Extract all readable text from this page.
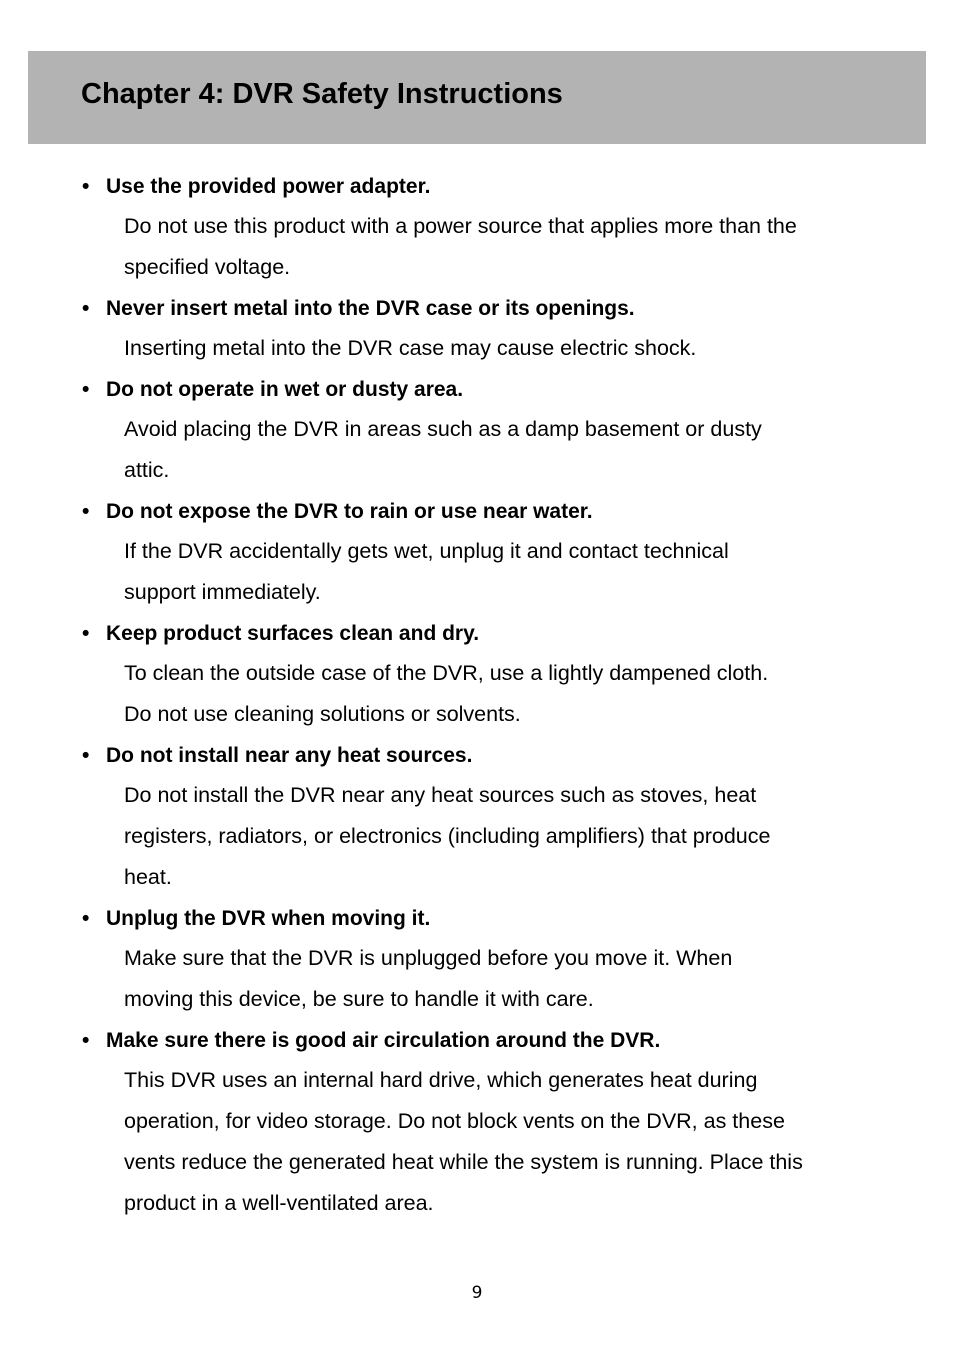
Chapter 4: DVR Safety Instructions
• Use the provided power adapter.
Do not use this product with a power source that applies more than the
specified voltage.
• Never insert metal into the DVR case or its openings.
Inserting metal into the DVR case may cause electric shock.
• Do not operate in wet or dusty area.
Avoid placing the DVR in areas such as a damp basement or dusty
attic.
• Do not expose the DVR to rain or use near water.
If the DVR accidentally gets wet, unplug it and contact technical
support immediately.
• Keep product surfaces clean and dry.
To clean the outside case of the DVR, use a lightly dampened cloth.
Do not use cleaning solutions or solvents.
• Do not install near any heat sources.
Do not install the DVR near any heat sources such as stoves, heat
registers, radiators, or electronics (including amplifiers) that produce
heat.
• Unplug the DVR when moving it.
Make sure that the DVR is unplugged before you move it. When
moving this device, be sure to handle it with care.
• Make sure there is good air circulation around the DVR.
This DVR uses an internal hard drive, which generates heat during
operation, for video storage. Do not block vents on the DVR, as these
vents reduce the generated heat while the system is running. Place this
product in a well-ventilated area.
9
